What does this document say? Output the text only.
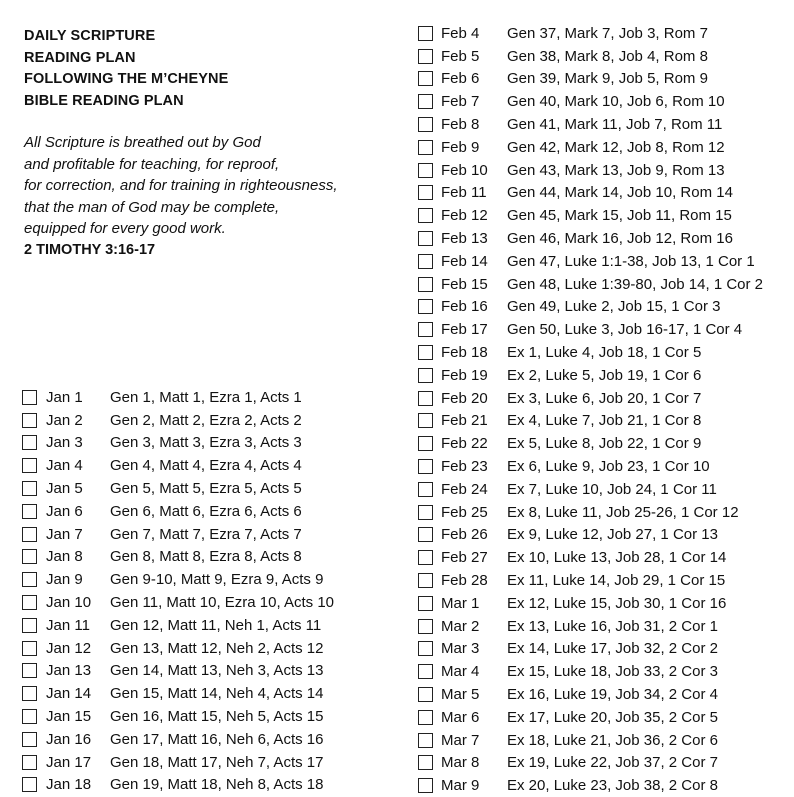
DAILY SCRIPTURE
READING PLAN
FOLLOWING THE M’CHEYNE
BIBLE READING PLAN
All Scripture is breathed out by God
and profitable for teaching, for reproof,
for correction, and for training in righteousness,
that the man of God may be complete,
equipped for every good work.
2 TIMOTHY 3:16-17
Jan 1	Gen 1, Matt 1, Ezra 1, Acts 1
Jan 2	Gen 2, Matt 2, Ezra 2, Acts 2
Jan 3	Gen 3, Matt 3, Ezra 3, Acts 3
Jan 4	Gen 4, Matt 4, Ezra 4, Acts 4
Jan 5	Gen 5, Matt 5, Ezra 5, Acts 5
Jan 6	Gen 6, Matt 6, Ezra 6, Acts 6
Jan 7	Gen 7, Matt 7, Ezra 7, Acts 7
Jan 8	Gen 8, Matt 8, Ezra 8, Acts 8
Jan 9	Gen 9-10, Matt 9, Ezra 9, Acts 9
Jan 10	Gen 11, Matt 10, Ezra 10, Acts 10
Jan 11	Gen 12, Matt 11, Neh 1, Acts 11
Jan 12	Gen 13, Matt 12, Neh 2, Acts 12
Jan 13	Gen 14, Matt 13, Neh 3, Acts 13
Jan 14	Gen 15, Matt 14, Neh 4, Acts 14
Jan 15	Gen 16, Matt 15, Neh 5, Acts 15
Jan 16	Gen 17, Matt 16, Neh 6, Acts 16
Jan 17	Gen 18, Matt 17, Neh 7, Acts 17
Jan 18	Gen 19, Matt 18, Neh 8, Acts 18
Feb 4	Gen 37, Mark 7, Job 3, Rom 7
Feb 5	Gen 38, Mark 8, Job 4, Rom 8
Feb 6	Gen 39, Mark 9, Job 5, Rom 9
Feb 7	Gen 40, Mark 10, Job 6, Rom 10
Feb 8	Gen 41, Mark 11, Job 7, Rom 11
Feb 9	Gen 42, Mark 12, Job 8, Rom 12
Feb 10	Gen 43, Mark 13, Job 9, Rom 13
Feb 11	Gen 44, Mark 14, Job 10, Rom 14
Feb 12	Gen 45, Mark 15, Job 11, Rom 15
Feb 13	Gen 46, Mark 16, Job 12, Rom 16
Feb 14	Gen 47, Luke 1:1-38, Job 13, 1 Cor 1
Feb 15	Gen 48, Luke 1:39-80, Job 14, 1 Cor 2
Feb 16	Gen 49, Luke 2, Job 15, 1 Cor 3
Feb 17	Gen 50, Luke 3, Job 16-17, 1 Cor 4
Feb 18	Ex 1, Luke 4, Job 18, 1 Cor 5
Feb 19	Ex 2, Luke 5, Job 19, 1 Cor 6
Feb 20	Ex 3, Luke 6, Job 20, 1 Cor 7
Feb 21	Ex 4, Luke 7, Job 21, 1 Cor 8
Feb 22	Ex 5, Luke 8, Job 22, 1 Cor 9
Feb 23	Ex 6, Luke 9, Job 23, 1 Cor 10
Feb 24	Ex 7, Luke 10, Job 24, 1 Cor 11
Feb 25	Ex 8, Luke 11, Job 25-26, 1 Cor 12
Feb 26	Ex 9, Luke 12, Job 27, 1 Cor 13
Feb 27	Ex 10, Luke 13, Job 28, 1 Cor 14
Feb 28	Ex 11, Luke 14, Job 29, 1 Cor 15
Mar 1	Ex 12, Luke 15, Job 30, 1 Cor 16
Mar 2	Ex 13, Luke 16, Job 31, 2 Cor 1
Mar 3	Ex 14, Luke 17, Job 32, 2 Cor 2
Mar 4	Ex 15, Luke 18, Job 33, 2 Cor 3
Mar 5	Ex 16, Luke 19, Job 34, 2 Cor 4
Mar 6	Ex 17, Luke 20, Job 35, 2 Cor 5
Mar 7	Ex 18, Luke 21, Job 36, 2 Cor 6
Mar 8	Ex 19, Luke 22, Job 37, 2 Cor 7
Mar 9	Ex 20, Luke 23, Job 38, 2 Cor 8
